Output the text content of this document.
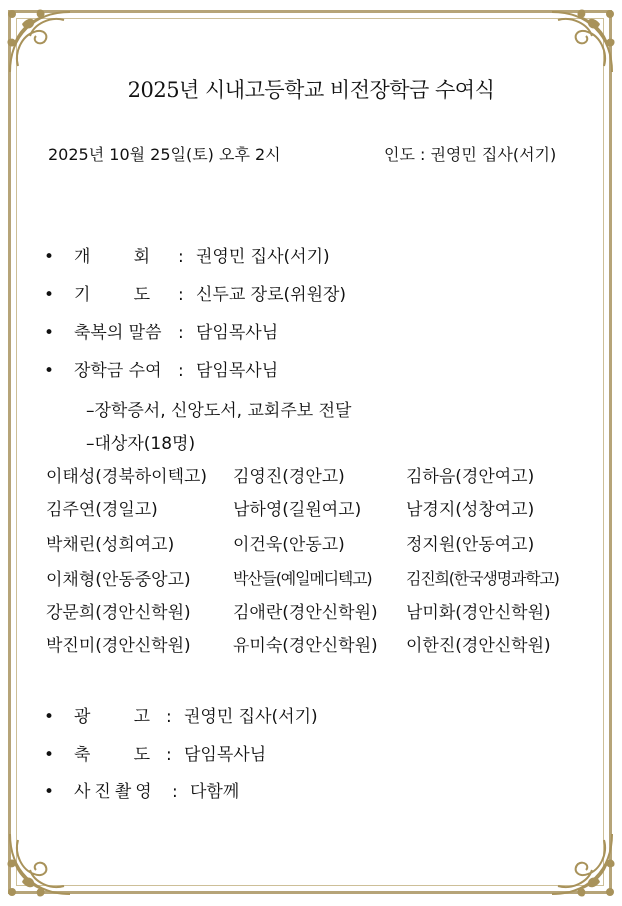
2025년 시내고등학교 비전장학금 수여식
2025년 10월 25일(토) 오후 2시	인도 : 권영민 집사(서기)
• 개        회 : 권영민 집사(서기)
• 기        도 : 신두교 장로(위원장)
• 축복의 말씀 : 담임목사님
• 장학금 수여 : 담임목사님
–장학증서, 신앙도서, 교회주보 전달
–대상자(18명)
이태성(경북하이텍고) 김영진(경안고)	김하음(경안여고)
김주연(경일고)	남하영(길원여고)	남경지(성창여고)
박채린(성희여고)	이건욱(안동고)	정지원(안동여고)
이채형(안동중앙고)	박산들(예일메디텍고) 김진희(한국생명과학고)
강문희(경안신학원) 김애란(경안신학원) 남미화(경안신학원)
박진미(경안신학원) 유미숙(경안신학원) 이한진(경안신학원)
• 광        고 : 권영민 집사(서기)
• 축        도 : 담임목사님
• 사진촬영 : 다함께
